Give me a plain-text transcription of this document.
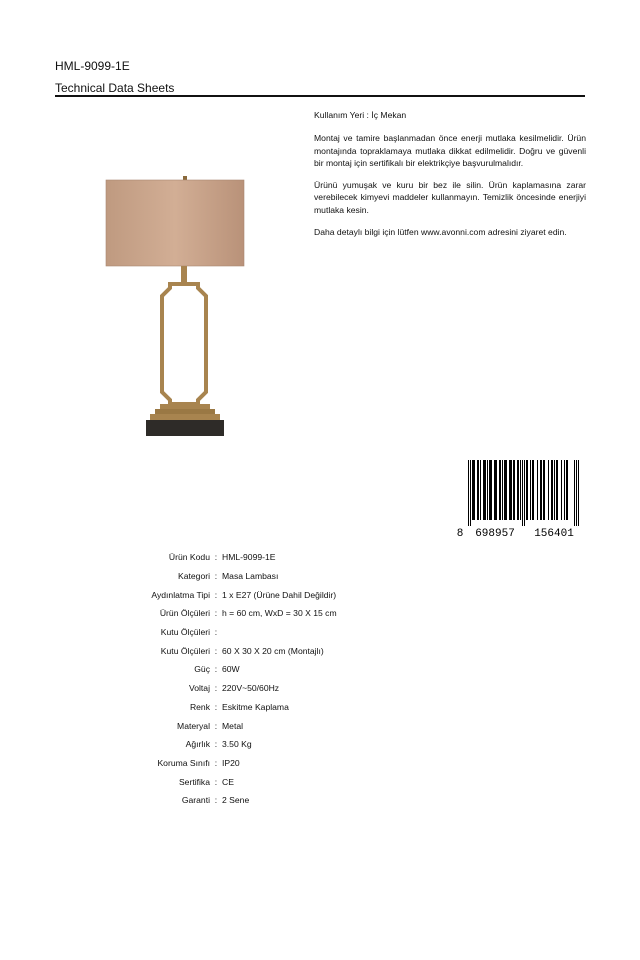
HML-9099-1E
Technical Data Sheets

Kullanım Yeri : İç Mekan

Montaj ve tamire başlanmadan önce enerji mutlaka kesilmelidir. Ürün montajında topraklamaya mutlaka dikkat edilmelidir. Doğru ve güvenli bir montaj için sertifikalı bir elektrikçiye başvurulmalıdır.

Ürünü yumuşak ve kuru bir bez ile silin. Ürün kaplamasına zarar verebilecek kimyevi maddeler kullanmayın. Temizlik öncesinde enerjiyi mutlaka kesin.

Daha detaylı bilgi için lütfen www.avonni.com adresini ziyaret edin.

8 698957 156401
Ürün Kodu : HML-9099-1E
Kategori : Masa Lambası
Aydınlatma Tipi : 1 x E27 (Ürüne Dahil Değildir)
Ürün Ölçüleri : h = 60 cm, WxD = 30 X 15 cm
Kutu Ölçüleri :
Kutu Ölçüleri : 60 X 30 X 20 cm (Montajlı)
Güç : 60W
Voltaj : 220V~50/60Hz
Renk : Eskitme Kaplama
Materyal : Metal
Ağırlık : 3.50 Kg
Koruma Sınıfı : IP20
Sertifika : CE
Garanti : 2 Sene
